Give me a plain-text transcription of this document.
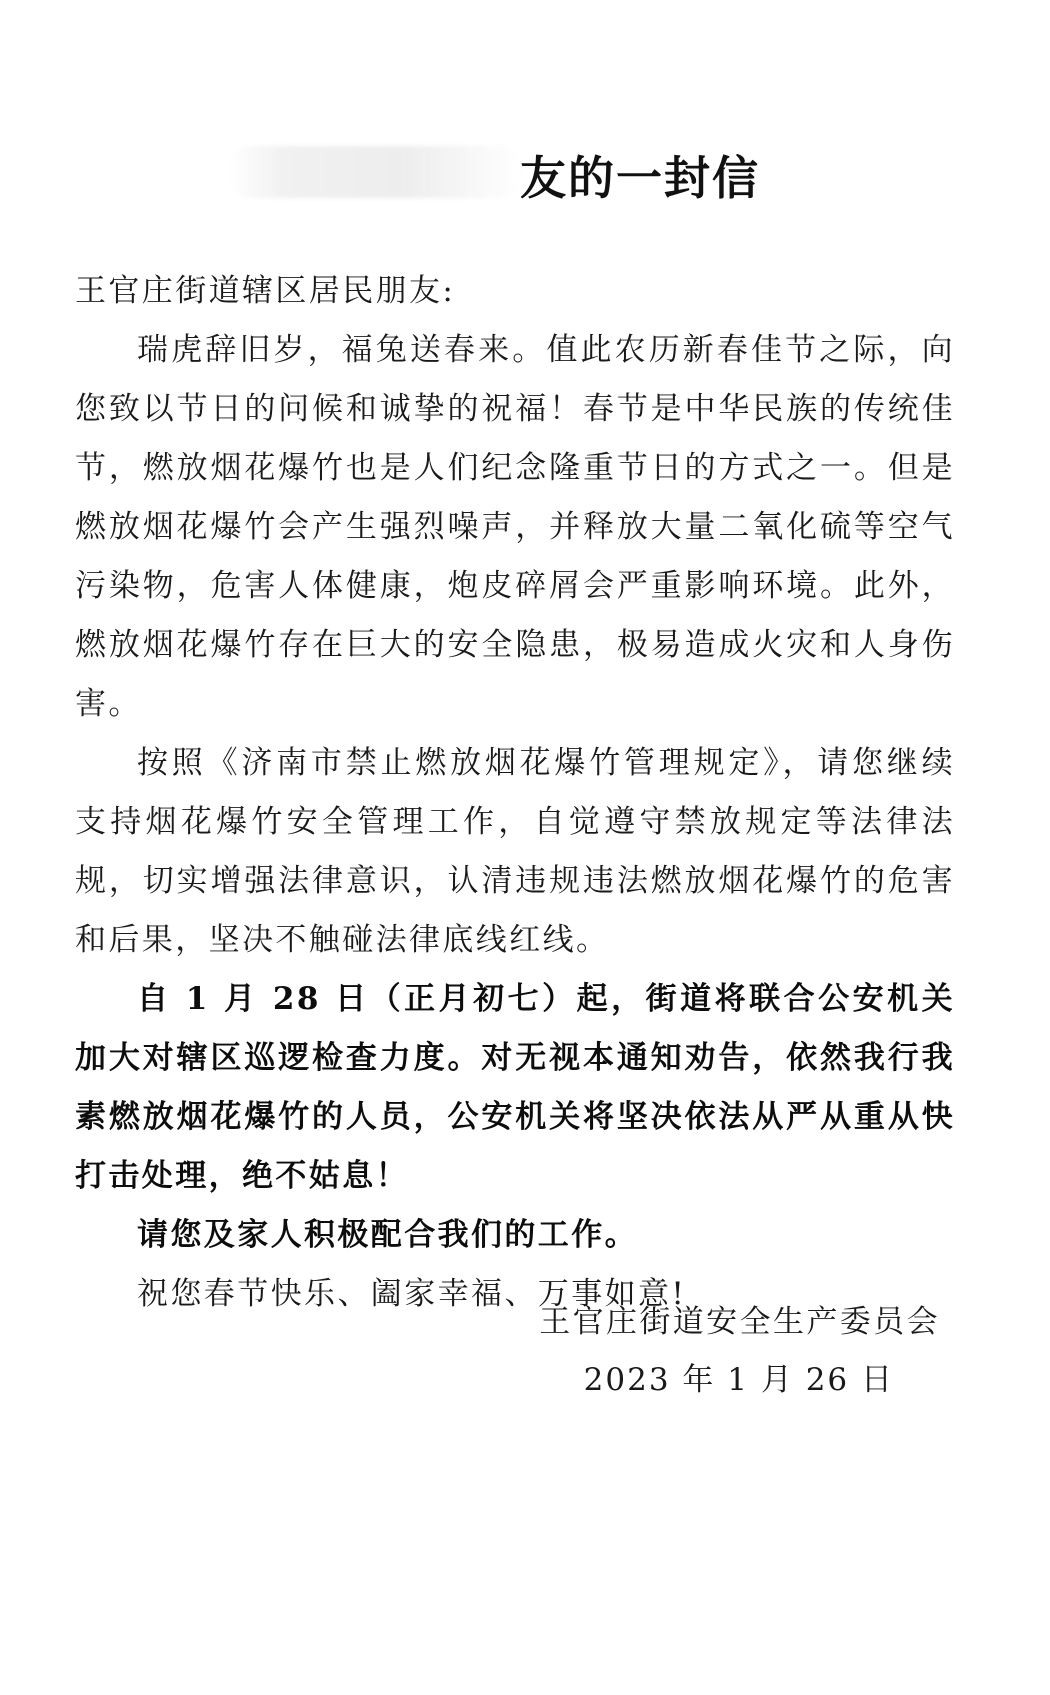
友的一封信

王官庄街道辖区居民朋友:

瑞虎辞旧岁，福兔送春来。值此农历新春佳节之际，向您致以节日的问候和诚挚的祝福！春节是中华民族的传统佳节，燃放烟花爆竹也是人们纪念隆重节日的方式之一。但是燃放烟花爆竹会产生强烈噪声，并释放大量二氧化硫等空气污染物，危害人体健康，炮皮碎屑会严重影响环境。此外，燃放烟花爆竹存在巨大的安全隐患，极易造成火灾和人身伤害。

按照《济南市禁止燃放烟花爆竹管理规定》，请您继续支持烟花爆竹安全管理工作，自觉遵守禁放规定等法律法规，切实增强法律意识，认清违规违法燃放烟花爆竹的危害和后果，坚决不触碰法律底线红线。

自 1 月 28 日（正月初七）起，街道将联合公安机关加大对辖区巡逻检查力度。对无视本通知劝告，依然我行我素燃放烟花爆竹的人员，公安机关将坚决依法从严从重从快打击处理，绝不姑息！

请您及家人积极配合我们的工作。

祝您春节快乐、阖家幸福、万事如意!

王官庄街道安全生产委员会
2023 年 1 月 26 日
